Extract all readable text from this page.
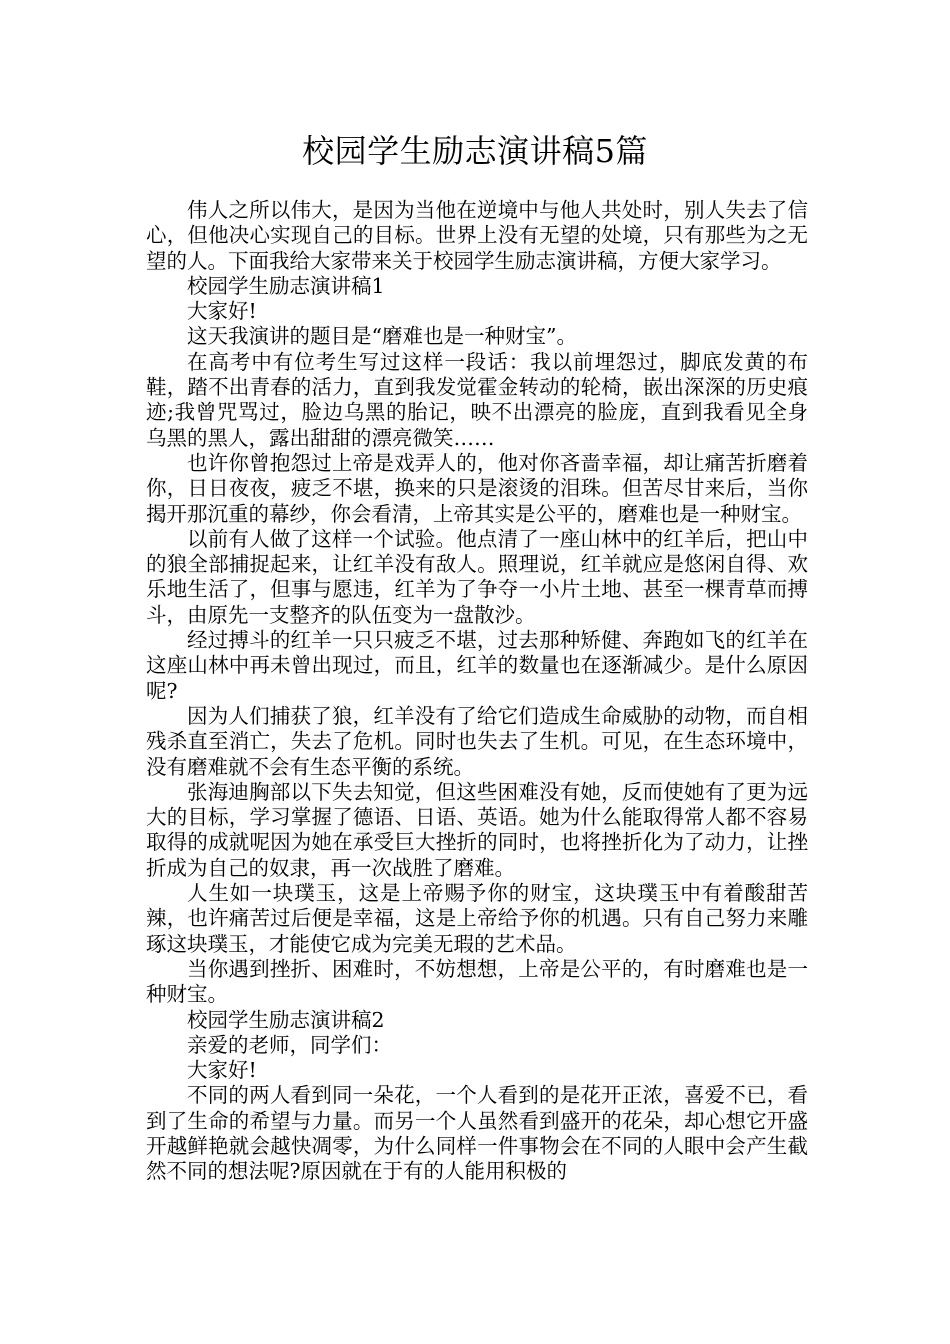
校园学生励志演讲稿5篇

伟人之所以伟大，是因为当他在逆境中与他人共处时，别人失去了信心，但他决心实现自己的目标。世界上没有无望的处境，只有那些为之无望的人。下面我给大家带来关于校园学生励志演讲稿，方便大家学习。

校园学生励志演讲稿1

大家好!

这天我演讲的题目是“磨难也是一种财宝”。

在高考中有位考生写过这样一段话：我以前埋怨过，脚底发黄的布鞋，踏不出青春的活力，直到我发觉霍金转动的轮椅，嵌出深深的历史痕迹;我曾咒骂过，脸边乌黑的胎记，映不出漂亮的脸庞，直到我看见全身乌黑的黑人，露出甜甜的漂亮微笑……

也许你曾抱怨过上帝是戏弄人的，他对你吝啬幸福，却让痛苦折磨着你，日日夜夜，疲乏不堪，换来的只是滚烫的泪珠。但苦尽甘来后，当你揭开那沉重的幕纱，你会看清，上帝其实是公平的，磨难也是一种财宝。

以前有人做了这样一个试验。他点清了一座山林中的红羊后，把山中的狼全部捕捉起来，让红羊没有敌人。照理说，红羊就应是悠闲自得、欢乐地生活了，但事与愿违，红羊为了争夺一小片土地、甚至一棵青草而搏斗，由原先一支整齐的队伍变为一盘散沙。

经过搏斗的红羊一只只疲乏不堪，过去那种矫健、奔跑如飞的红羊在这座山林中再未曾出现过，而且，红羊的数量也在逐渐减少。是什么原因呢?

因为人们捕获了狼，红羊没有了给它们造成生命威胁的动物，而自相残杀直至消亡，失去了危机。同时也失去了生机。可见，在生态环境中，没有磨难就不会有生态平衡的系统。

张海迪胸部以下失去知觉，但这些困难没有她，反而使她有了更为远大的目标，学习掌握了德语、日语、英语。她为什么能取得常人都不容易取得的成就呢因为她在承受巨大挫折的同时，也将挫折化为了动力，让挫折成为自己的奴隶，再一次战胜了磨难。

人生如一块璞玉，这是上帝赐予你的财宝，这块璞玉中有着酸甜苦辣，也许痛苦过后便是幸福，这是上帝给予你的机遇。只有自己努力来雕琢这块璞玉，才能使它成为完美无瑕的艺术品。

当你遇到挫折、困难时，不妨想想，上帝是公平的，有时磨难也是一种财宝。

校园学生励志演讲稿2

亲爱的老师，同学们：

大家好!

不同的两人看到同一朵花，一个人看到的是花开正浓，喜爱不已，看到了生命的希望与力量。而另一个人虽然看到盛开的花朵，却心想它开盛开越鲜艳就会越快凋零，为什么同样一件事物会在不同的人眼中会产生截然不同的想法呢?原因就在于有的人能用积极的
